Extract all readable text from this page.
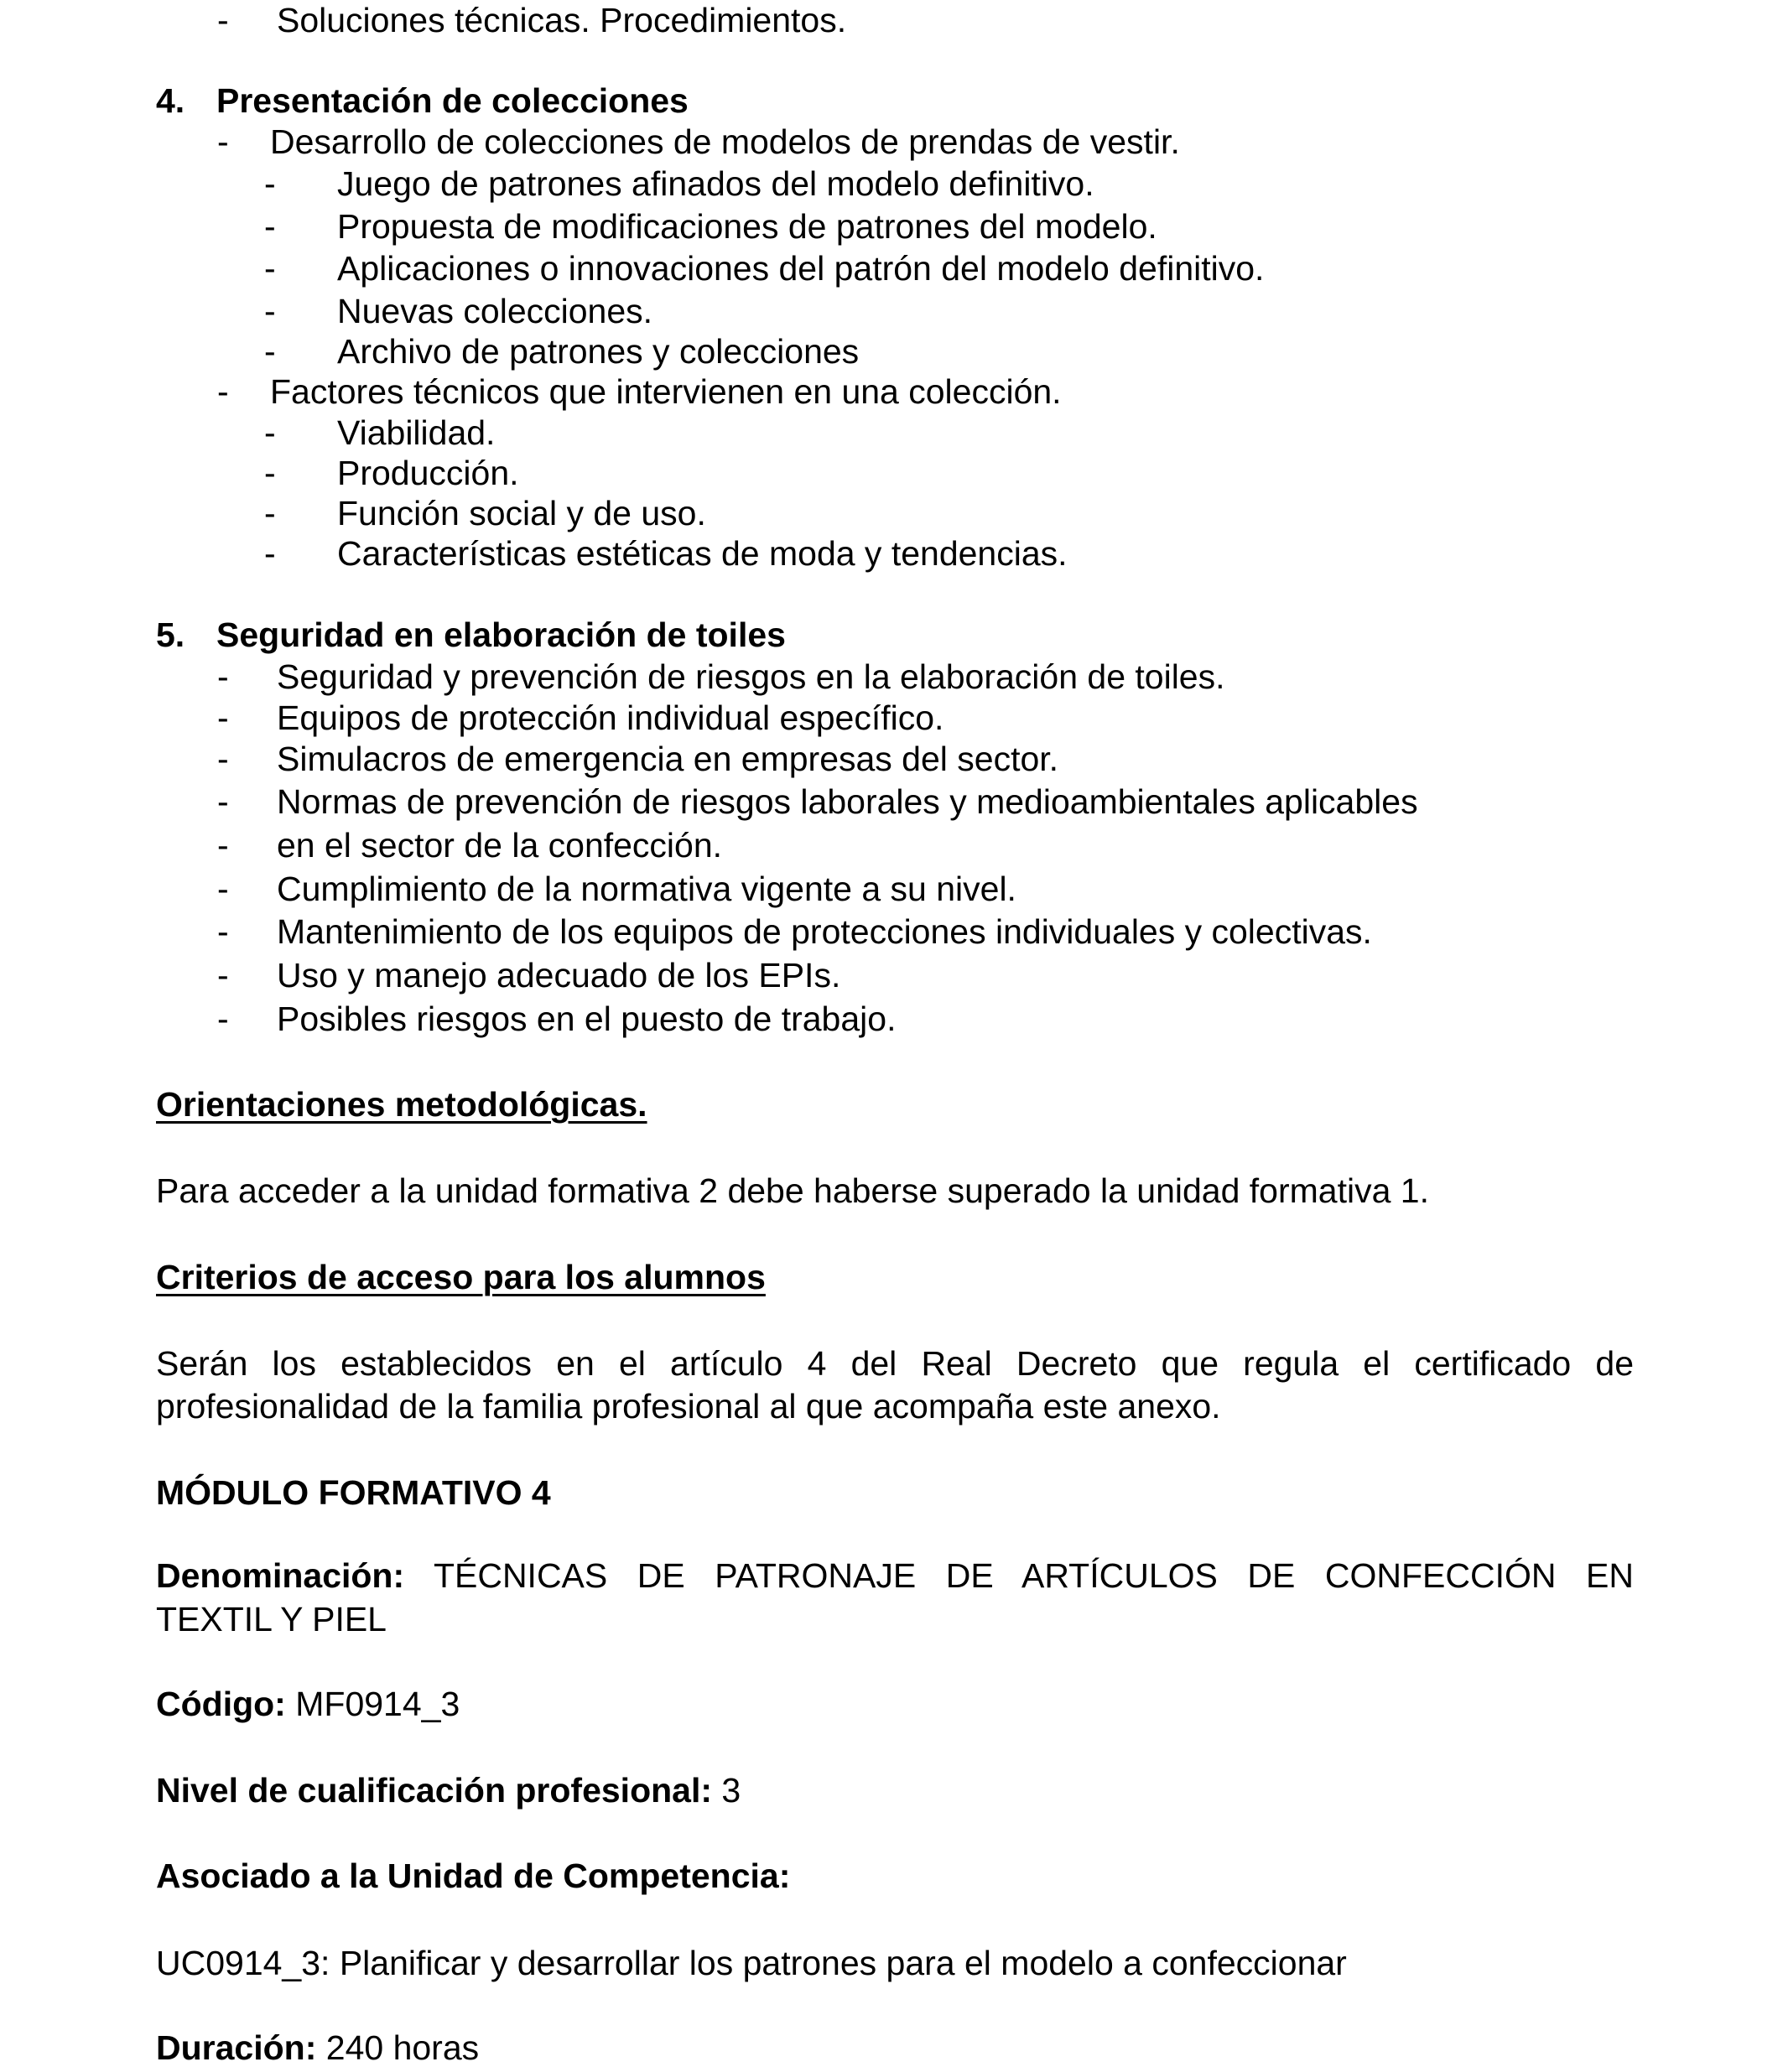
- Soluciones técnicas. Procedimientos.
4. Presentación de colecciones
- Desarrollo de colecciones de modelos de prendas de vestir.
- Juego de patrones afinados del modelo definitivo.
- Propuesta de modificaciones de patrones del modelo.
- Aplicaciones o innovaciones del patrón del modelo definitivo.
- Nuevas colecciones.
- Archivo de patrones y colecciones
- Factores técnicos que intervienen en una colección.
- Viabilidad.
- Producción.
- Función social y de uso.
- Características estéticas de moda y tendencias.
5. Seguridad en elaboración de toiles
- Seguridad y prevención de riesgos en la elaboración de toiles.
- Equipos de protección individual específico.
- Simulacros de emergencia en empresas del sector.
- Normas de prevención de riesgos laborales y medioambientales aplicables
- en el sector de la confección.
- Cumplimiento de la normativa vigente a su nivel.
- Mantenimiento de los equipos de protecciones individuales y colectivas.
- Uso y manejo adecuado de los EPIs.
- Posibles riesgos en el puesto de trabajo.
Orientaciones metodológicas.
Para acceder a la unidad formativa 2 debe haberse superado la unidad formativa 1.
Criterios de acceso para los alumnos
Serán los establecidos en el artículo 4 del Real Decreto que regula el certificado de
profesionalidad de la familia profesional al que acompaña este anexo.
MÓDULO FORMATIVO 4
Denominación: TÉCNICAS DE PATRONAJE DE ARTÍCULOS DE CONFECCIÓN EN
TEXTIL Y PIEL
Código: MF0914_3
Nivel de cualificación profesional: 3
Asociado a la Unidad de Competencia:
UC0914_3: Planificar y desarrollar los patrones para el modelo a confeccionar
Duración: 240 horas
